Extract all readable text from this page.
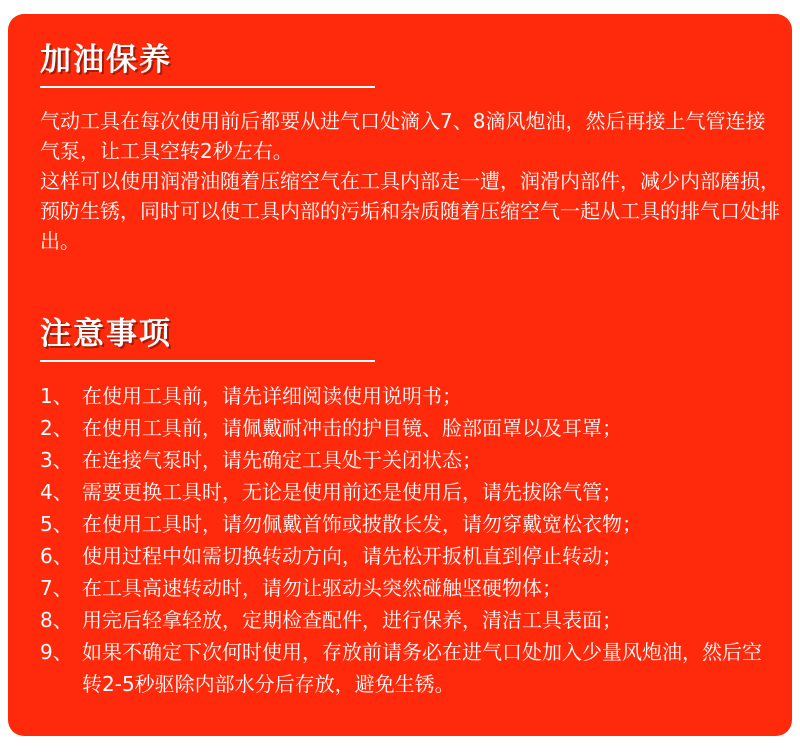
加油保养

气动工具在每次使用前后都要从进气口处滴入7、8滴风炮油，然后再接上气管连接气泵，让工具空转2秒左右。

这样可以使用润滑油随着压缩空气在工具内部走一遭，润滑内部件，减少内部磨损，预防生锈，同时可以使工具内部的污垢和杂质随着压缩空气一起从工具的排气口处排出。

注意事项
1、 在使用工具前，请先详细阅读使用说明书；
2、 在使用工具前，请佩戴耐冲击的护目镜、脸部面罩以及耳罩；
3、 在连接气泵时，请先确定工具处于关闭状态；
4、 需要更换工具时，无论是使用前还是使用后，请先拔除气管；
5、 在使用工具时，请勿佩戴首饰或披散长发，请勿穿戴宽松衣物；
6、 使用过程中如需切换转动方向，请先松开扳机直到停止转动；
7、 在工具高速转动时，请勿让驱动头突然碰触坚硬物体；
8、 用完后轻拿轻放，定期检查配件，进行保养，清洁工具表面；
9、 如果不确定下次何时使用，存放前请务必在进气口处加入少量风炮油，然后空转2-5秒驱除内部水分后存放，避免生锈。
